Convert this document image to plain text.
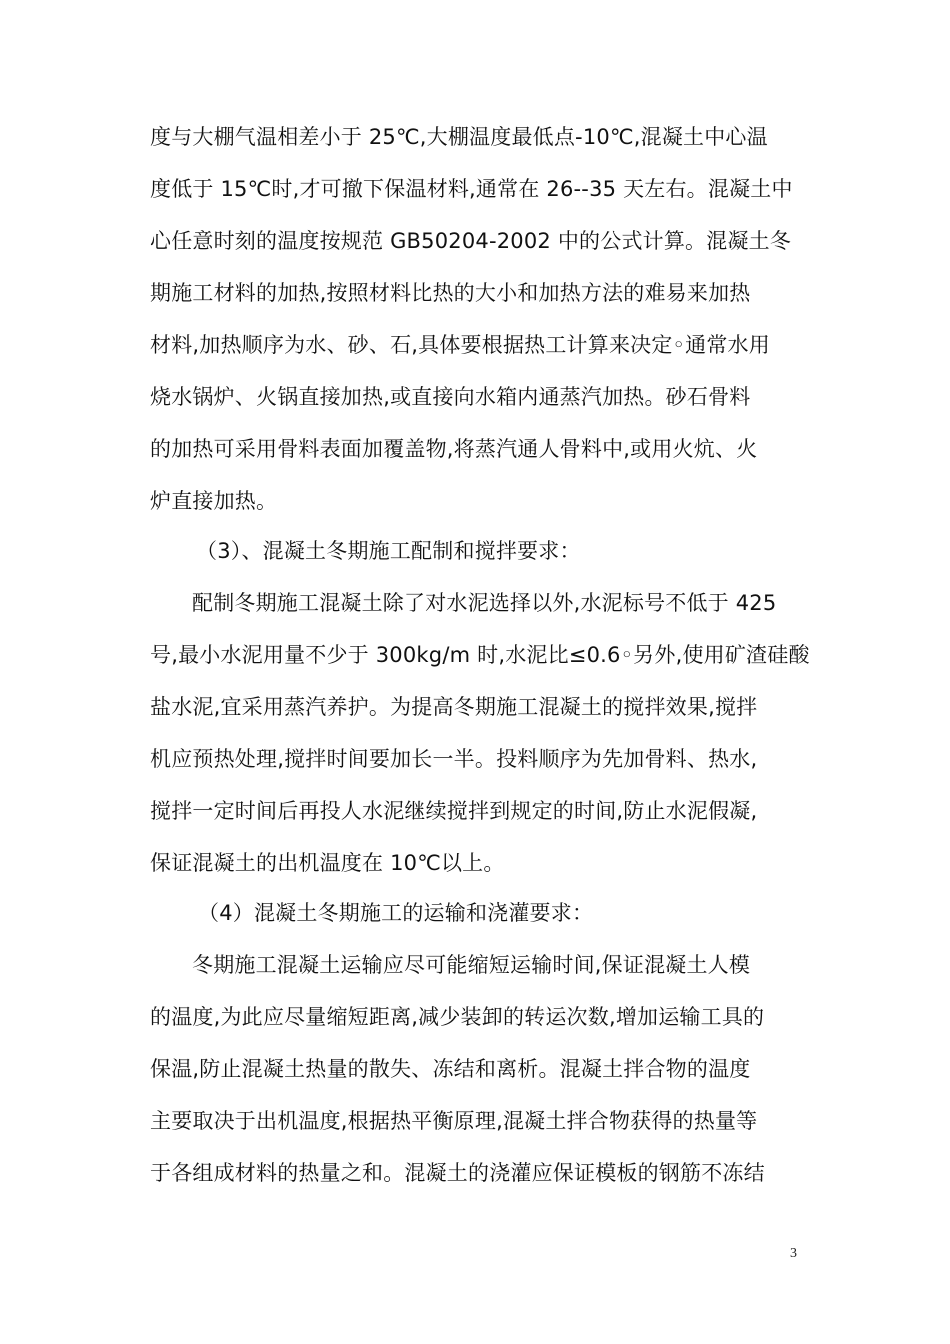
度与大棚气温相差小于 25℃,大棚温度最低点-10℃,混凝土中心温
度低于 15℃时,才可撤下保温材料,通常在 26--35 天左右。混凝土中
心任意时刻的温度按规范 GB50204-2002 中的公式计算。混凝土冬
期施工材料的加热,按照材料比热的大小和加热方法的难易来加热
材料,加热顺序为水、砂、石,具体要根据热工计算来决定◦通常水用
烧水锅炉、火锅直接加热,或直接向水箱内通蒸汽加热。砂石骨料
的加热可采用骨料表面加覆盖物,将蒸汽通人骨料中,或用火炕、火
炉直接加热。
（3）、混凝土冬期施工配制和搅拌要求：
配制冬期施工混凝土除了对水泥选择以外,水泥标号不低于 425
号,最小水泥用量不少于 300kg/m 时,水泥比≤0.6◦另外,使用矿渣硅酸
盐水泥,宜采用蒸汽养护。为提高冬期施工混凝土的搅拌效果,搅拌
机应预热处理,搅拌时间要加长一半。投料顺序为先加骨料、热水,
搅拌一定时间后再投人水泥继续搅拌到规定的时间,防止水泥假凝,
保证混凝土的出机温度在 10℃以上。
（4）混凝土冬期施工的运输和浇灌要求：
冬期施工混凝土运输应尽可能缩短运输时间,保证混凝土人模
的温度,为此应尽量缩短距离,减少装卸的转运次数,增加运输工具的
保温,防止混凝土热量的散失、冻结和离析。混凝土拌合物的温度
主要取决于出机温度,根据热平衡原理,混凝土拌合物获得的热量等
于各组成材料的热量之和。混凝土的浇灌应保证模板的钢筋不冻结
3
